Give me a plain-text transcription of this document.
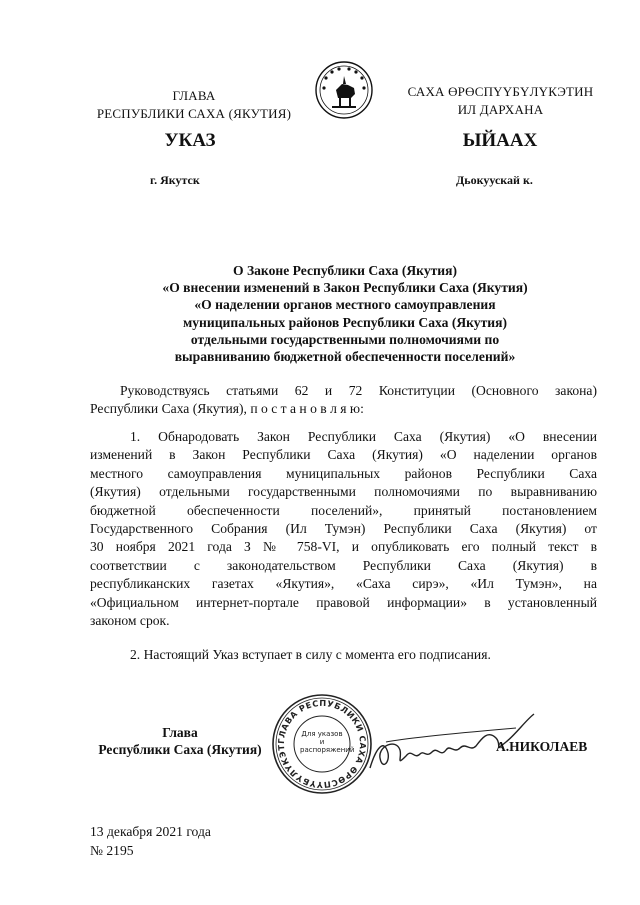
ГЛАВА
РЕСПУБЛИКИ САХА (ЯКУТИЯ)
САХА ӨРӨСПҮҮБҮЛҮКЭТИН
ИЛ ДАРХАНА
УКАЗ	ЫЙААХ
г. Якутск	Дьокуускай к.
О Законе Республики Саха (Якутия)
«О внесении изменений в Закон Республики Саха (Якутия)
«О наделении органов местного самоуправления
муниципальных районов Республики Саха (Якутия)
отдельными государственными полномочиями по
выравниванию бюджетной обеспеченности поселений»
Руководствуясь статьями 62 и 72 Конституции (Основного закона)
Республики Саха (Якутия), п о с т а н о в л я ю:
1. Обнародовать Закон Республики Саха (Якутия) «О внесении
изменений в Закон Республики Саха (Якутия) «О наделении органов
местного самоуправления муниципальных районов Республики Саха
(Якутия) отдельными государственными полномочиями по выравниванию
бюджетной обеспеченности поселений», принятый постановлением
Государственного Собрания (Ил Тумэн) Республики Саха (Якутия) от
30 ноября 2021 года З № 758-VI, и опубликовать его полный текст в
соответствии с законодательством Республики Саха (Якутия) в
республиканских газетах «Якутия», «Саха сирэ», «Ил Тумэн», на
«Официальном интернет-портале правовой информации» в установленный
законом срок.
2. Настоящий Указ вступает в силу с момента его подписания.
Глава
Республики Саха (Якутия)
ГЛАВА РЕСПУБЛИКИ САХА ӨРӨСПҮҮБҮЛҮКЭТ
Для указов и распоряжений	А.НИКОЛАЕВ
13 декабря 2021 года
№ 2195
